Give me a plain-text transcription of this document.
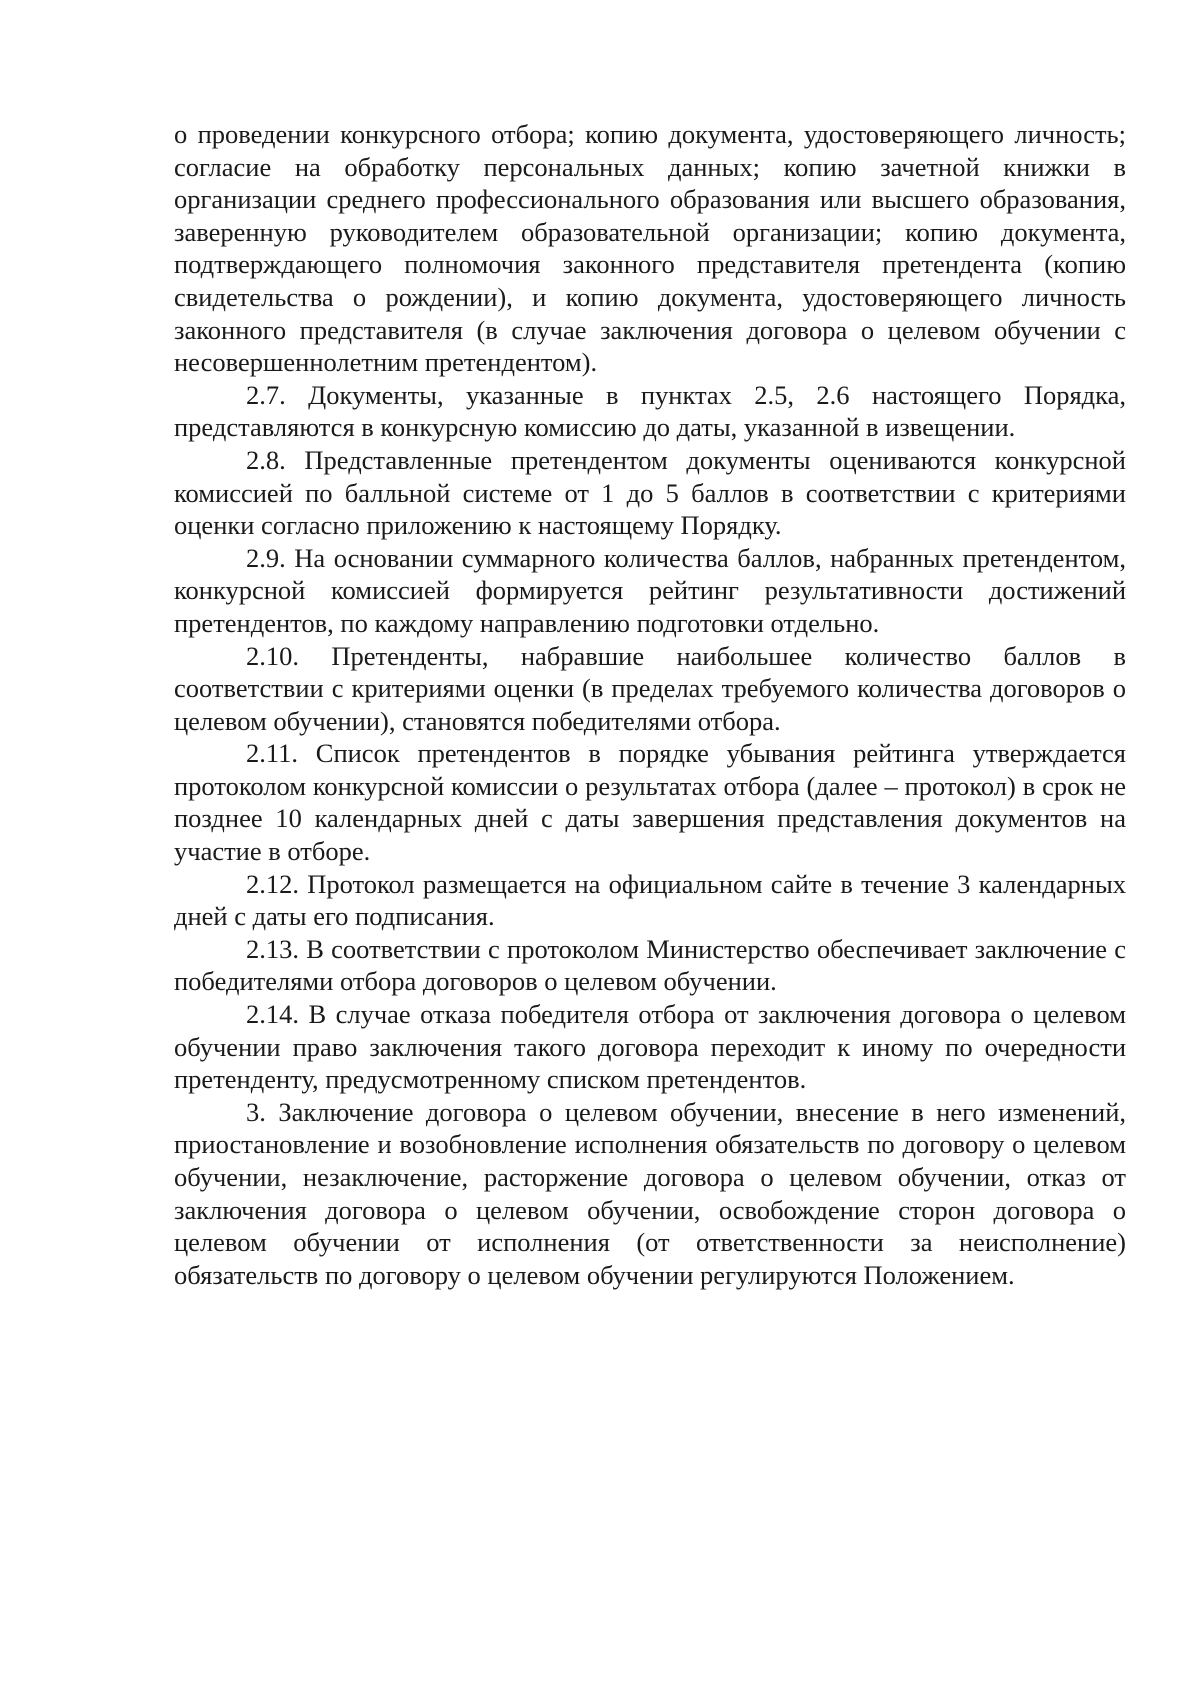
о проведении конкурсного отбора; копию документа, удостоверяющего личность; согласие на обработку персональных данных; копию зачетной книжки в организации среднего профессионального образования или высшего образования, заверенную руководителем образовательной организации; копию документа, подтверждающего полномочия законного представителя претендента (копию свидетельства о рождении), и копию документа, удостоверяющего личность законного представителя (в случае заключения договора о целевом обучении с несовершеннолетним претендентом).

2.7. Документы, указанные в пунктах 2.5, 2.6 настоящего Порядка, представляются в конкурсную комиссию до даты, указанной в извещении.

2.8. Представленные претендентом документы оцениваются конкурсной комиссией по балльной системе от 1 до 5 баллов в соответствии с критериями оценки согласно приложению к настоящему Порядку.

2.9. На основании суммарного количества баллов, набранных претендентом, конкурсной комиссией формируется рейтинг результативности достижений претендентов, по каждому направлению подготовки отдельно.

2.10. Претенденты, набравшие наибольшее количество баллов в соответствии с критериями оценки (в пределах требуемого количества договоров о целевом обучении), становятся победителями отбора.

2.11. Список претендентов в порядке убывания рейтинга утверждается протоколом конкурсной комиссии о результатах отбора (далее – протокол) в срок не позднее 10 календарных дней с даты завершения представления документов на участие в отборе.

2.12. Протокол размещается на официальном сайте в течение 3 календарных дней с даты его подписания.

2.13. В соответствии с протоколом Министерство обеспечивает заключение с победителями отбора договоров о целевом обучении.

2.14. В случае отказа победителя отбора от заключения договора о целевом обучении право заключения такого договора переходит к иному по очередности претенденту, предусмотренному списком претендентов.

3. Заключение договора о целевом обучении, внесение в него изменений, приостановление и возобновление исполнения обязательств по договору о целевом обучении, незаключение, расторжение договора о целевом обучении, отказ от заключения договора о целевом обучении, освобождение сторон договора о целевом обучении от исполнения (от ответственности за неисполнение) обязательств по договору о целевом обучении регулируются Положением.
